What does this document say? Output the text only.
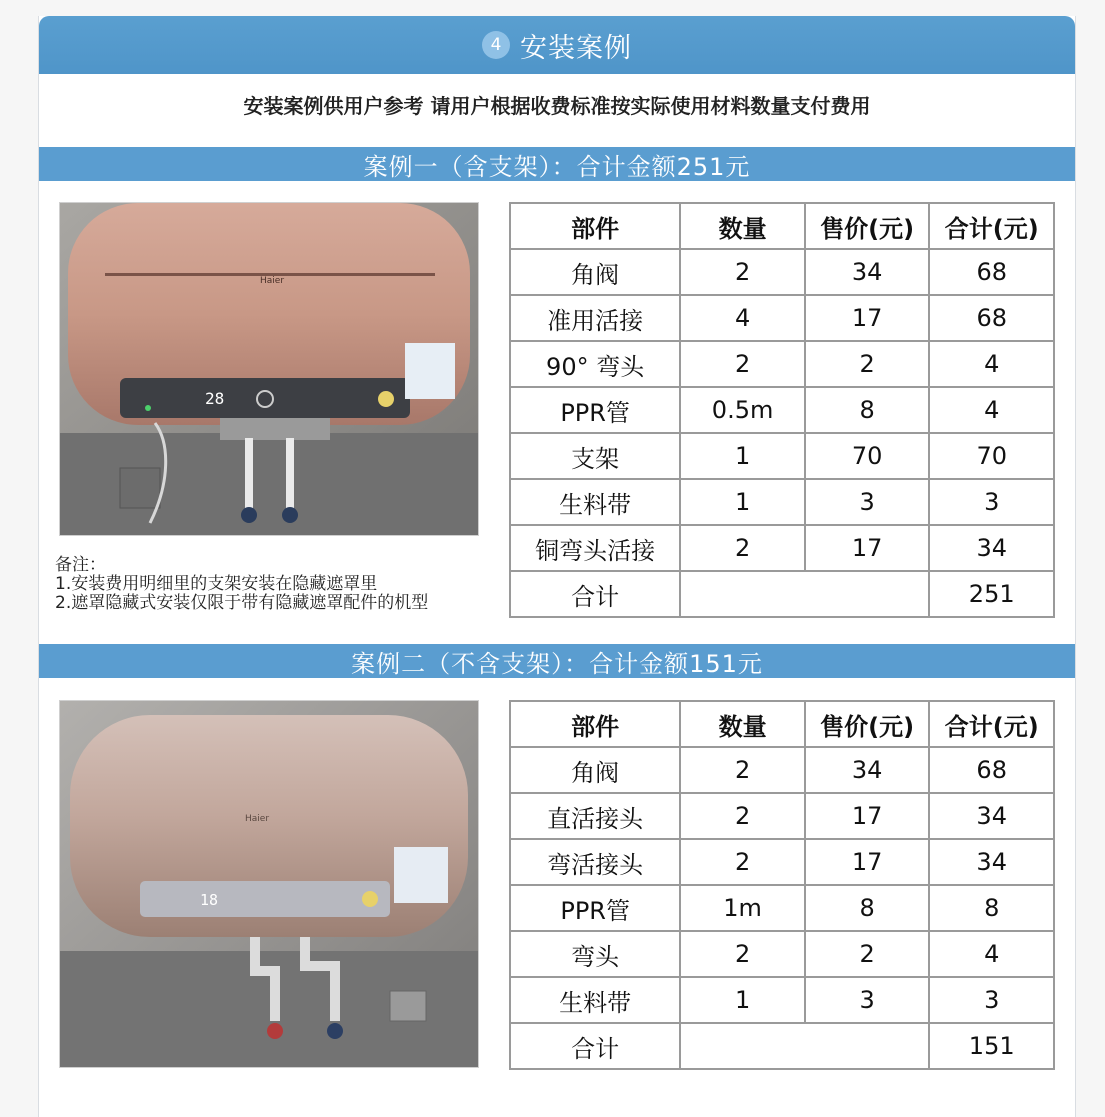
4 安装案例
安装案例供用户参考 请用户根据收费标准按实际使用材料数量支付费用
案例一（含支架）：合计金额251元
Haier
28
备注：
1.安装费用明细里的支架安装在隐藏遮罩里
2.遮罩隐藏式安装仅限于带有隐藏遮罩配件的机型
部件	数量	售价(元)	合计(元)
角阀	2	34	68
准用活接	4	17	68
90° 弯头	2	2	4
PPR管	0.5m	8	4
支架	1	70	70
生料带	1	3	3
铜弯头活接	2	17	34
合计			251
案例二（不含支架）：合计金额151元
Haier
18
部件	数量	售价(元)	合计(元)
角阀	2	34	68
直活接头	2	17	34
弯活接头	2	17	34
PPR管	1m	8	8
弯头	2	2	4
生料带	1	3	3
合计			151
